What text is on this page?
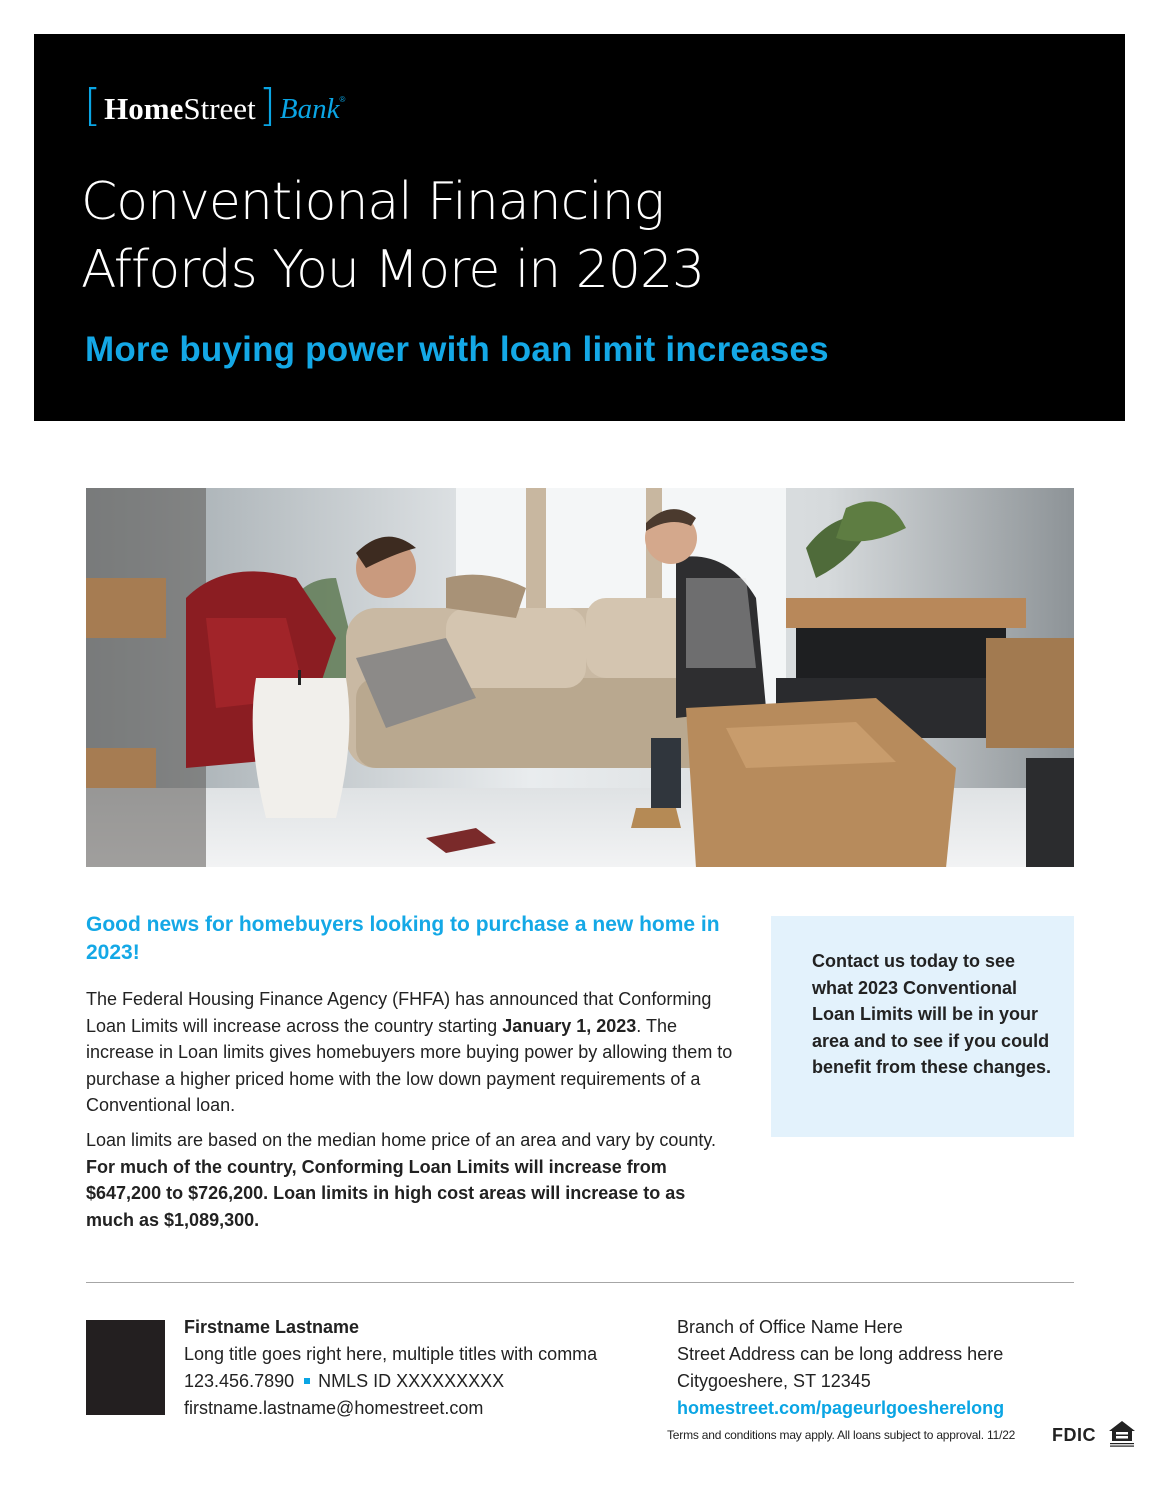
[ Home Street ] Bank ®
Conventional Financing
Affords You More in 2023
More buying power with loan limit increases
Good news for homebuyers looking to purchase a new home in 2023!

The Federal Housing Finance Agency (FHFA) has announced that Conforming Loan Limits will increase across the country starting January 1, 2023. The increase in Loan limits gives homebuyers more buying power by allowing them to purchase a higher priced home with the low down payment requirements of a Conventional loan.

Loan limits are based on the median home price of an area and vary by county. For much of the country, Conforming Loan Limits will increase from $647,200 to $726,200. Loan limits in high cost areas will increase to as much as $1,089,300.

Contact us today to see what 2023 Conventional Loan Limits will be in your area and to see if you could benefit from these changes.

Firstname Lastname
Long title goes right here, multiple titles with comma
123.456.7890 NMLS ID XXXXXXXXX
firstname.lastname@homestreet.com
Branch of Office Name Here
Street Address can be long address here
Citygoeshere, ST 12345
homestreet.com/pageurlgoesherelong
Terms and conditions may apply. All loans subject to approval. 11/22 FDIC
